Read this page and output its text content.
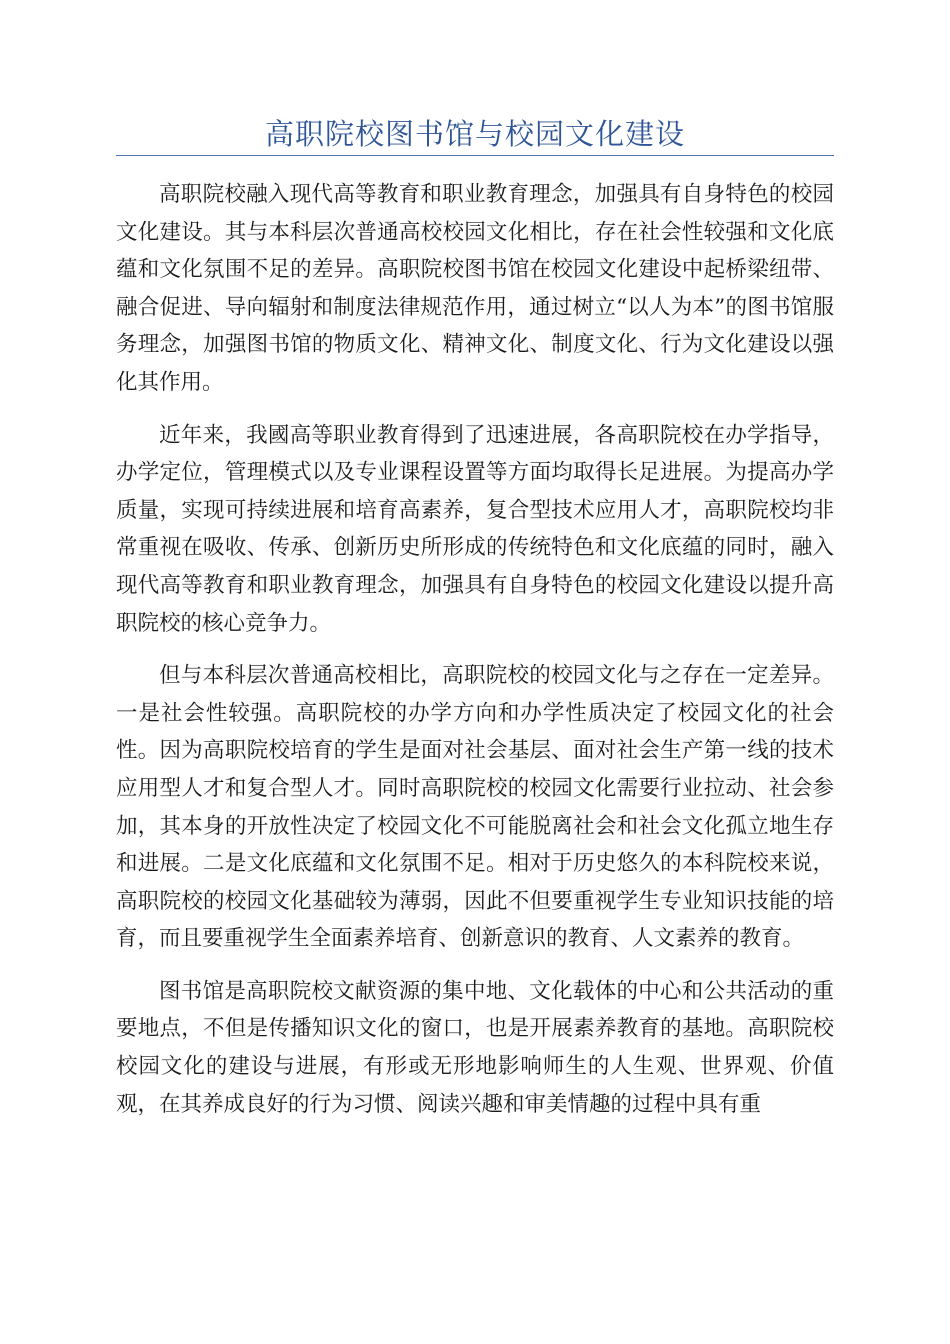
高职院校图书馆与校园文化建设

高职院校融入现代高等教育和职业教育理念，加强具有自身特色的校园文化建设。其与本科层次普通高校校园文化相比，存在社会性较强和文化底蕴和文化氛围不足的差异。高职院校图书馆在校园文化建设中起桥梁纽带、融合促进、导向辐射和制度法律规范作用，通过树立“以人为本”的图书馆服务理念，加强图书馆的物质文化、精神文化、制度文化、行为文化建设以强化其作用。

近年来，我國高等职业教育得到了迅速进展，各高职院校在办学指导，办学定位，管理模式以及专业课程设置等方面均取得长足进展。为提高办学质量，实现可持续进展和培育高素养，复合型技术应用人才，高职院校均非常重视在吸收、传承、创新历史所形成的传统特色和文化底蕴的同时，融入现代高等教育和职业教育理念，加强具有自身特色的校园文化建设以提升高职院校的核心竞争力。

但与本科层次普通高校相比，高职院校的校园文化与之存在一定差异。一是社会性较强。高职院校的办学方向和办学性质决定了校园文化的社会性。因为高职院校培育的学生是面对社会基层、面对社会生产第一线的技术应用型人才和复合型人才。同时高职院校的校园文化需要行业拉动、社会参加，其本身的开放性决定了校园文化不可能脱离社会和社会文化孤立地生存和进展。二是文化底蕴和文化氛围不足。相对于历史悠久的本科院校来说，高职院校的校园文化基础较为薄弱，因此不但要重视学生专业知识技能的培育，而且要重视学生全面素养培育、创新意识的教育、人文素养的教育。

图书馆是高职院校文献资源的集中地、文化载体的中心和公共活动的重要地点，不但是传播知识文化的窗口，也是开展素养教育的基地。高职院校校园文化的建设与进展，有形或无形地影响师生的人生观、世界观、价值观，在其养成良好的行为习惯、阅读兴趣和审美情趣的过程中具有重
